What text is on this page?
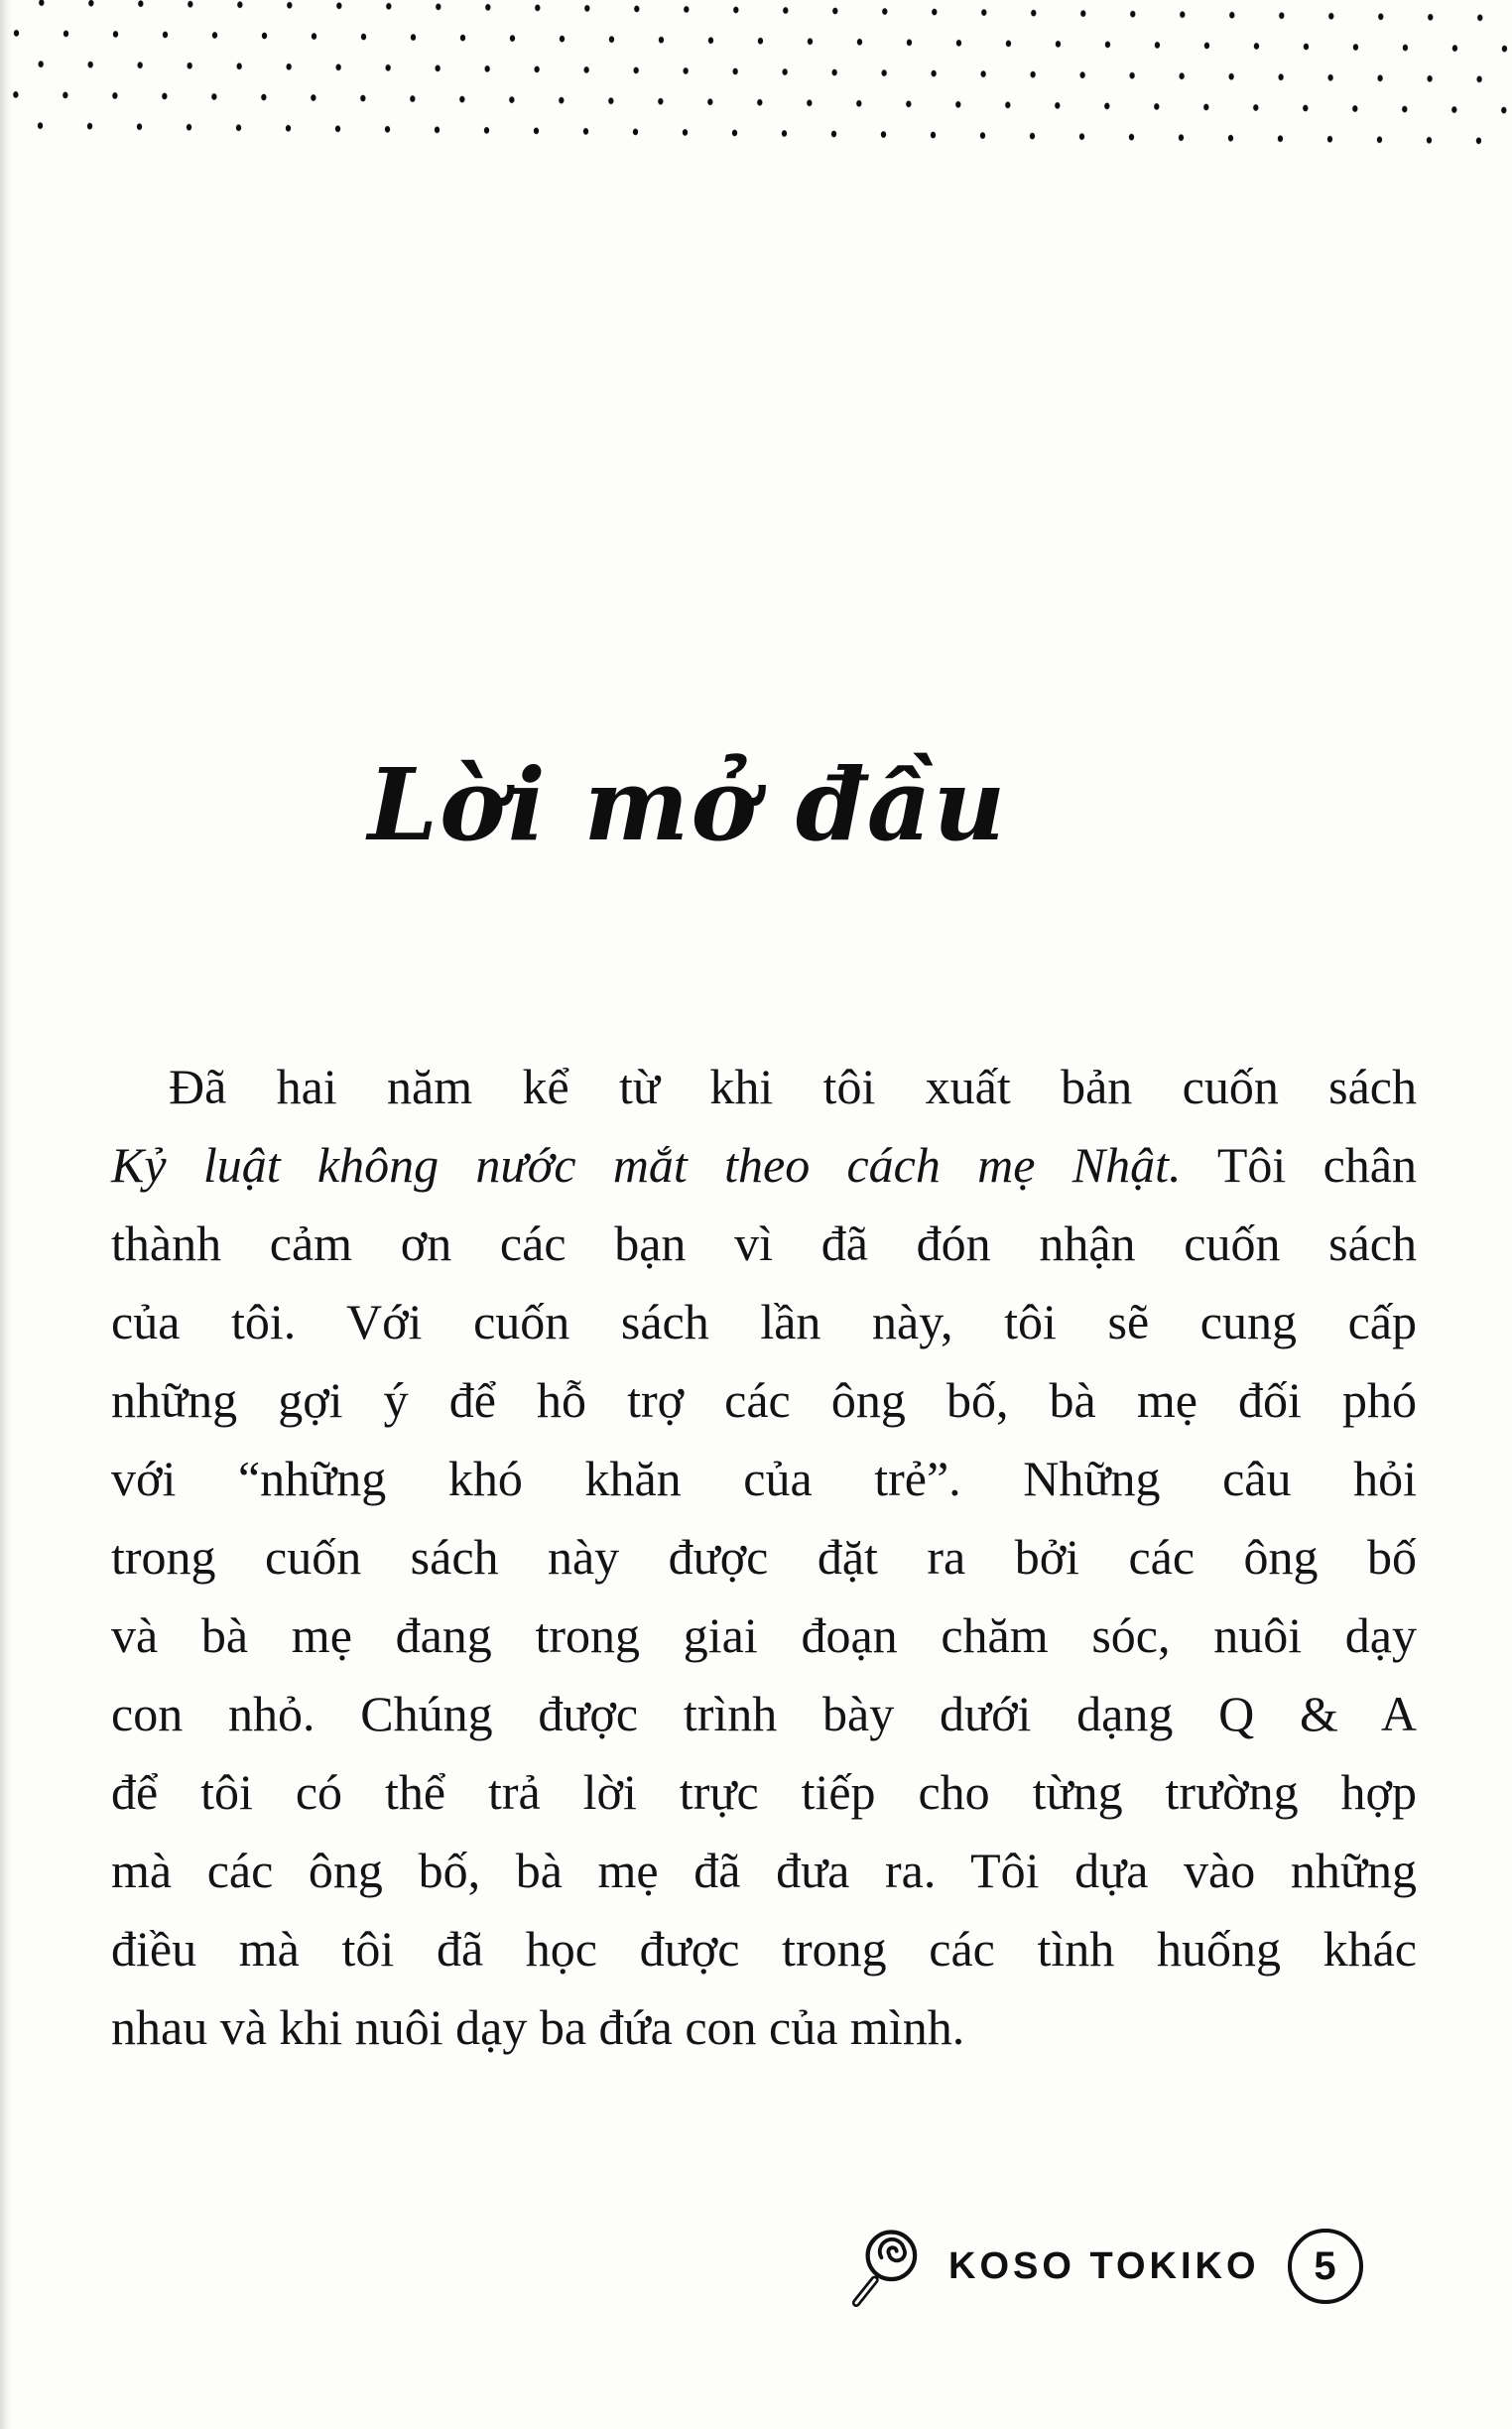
Lời mở đầu
Đã hai năm kể từ khi tôi xuất bản cuốn sách
Kỷ luật không nước mắt theo cách mẹ Nhật. Tôi chân
thành cảm ơn các bạn vì đã đón nhận cuốn sách
của tôi. Với cuốn sách lần này, tôi sẽ cung cấp
những gợi ý để hỗ trợ các ông bố, bà mẹ đối phó
với “những khó khăn của trẻ”. Những câu hỏi
trong cuốn sách này được đặt ra bởi các ông bố
và bà mẹ đang trong giai đoạn chăm sóc, nuôi dạy
con nhỏ. Chúng được trình bày dưới dạng Q & A
để tôi có thể trả lời trực tiếp cho từng trường hợp
mà các ông bố, bà mẹ đã đưa ra. Tôi dựa vào những
điều mà tôi đã học được trong các tình huống khác
nhau và khi nuôi dạy ba đứa con của mình.
KOSO TOKIKO 5
